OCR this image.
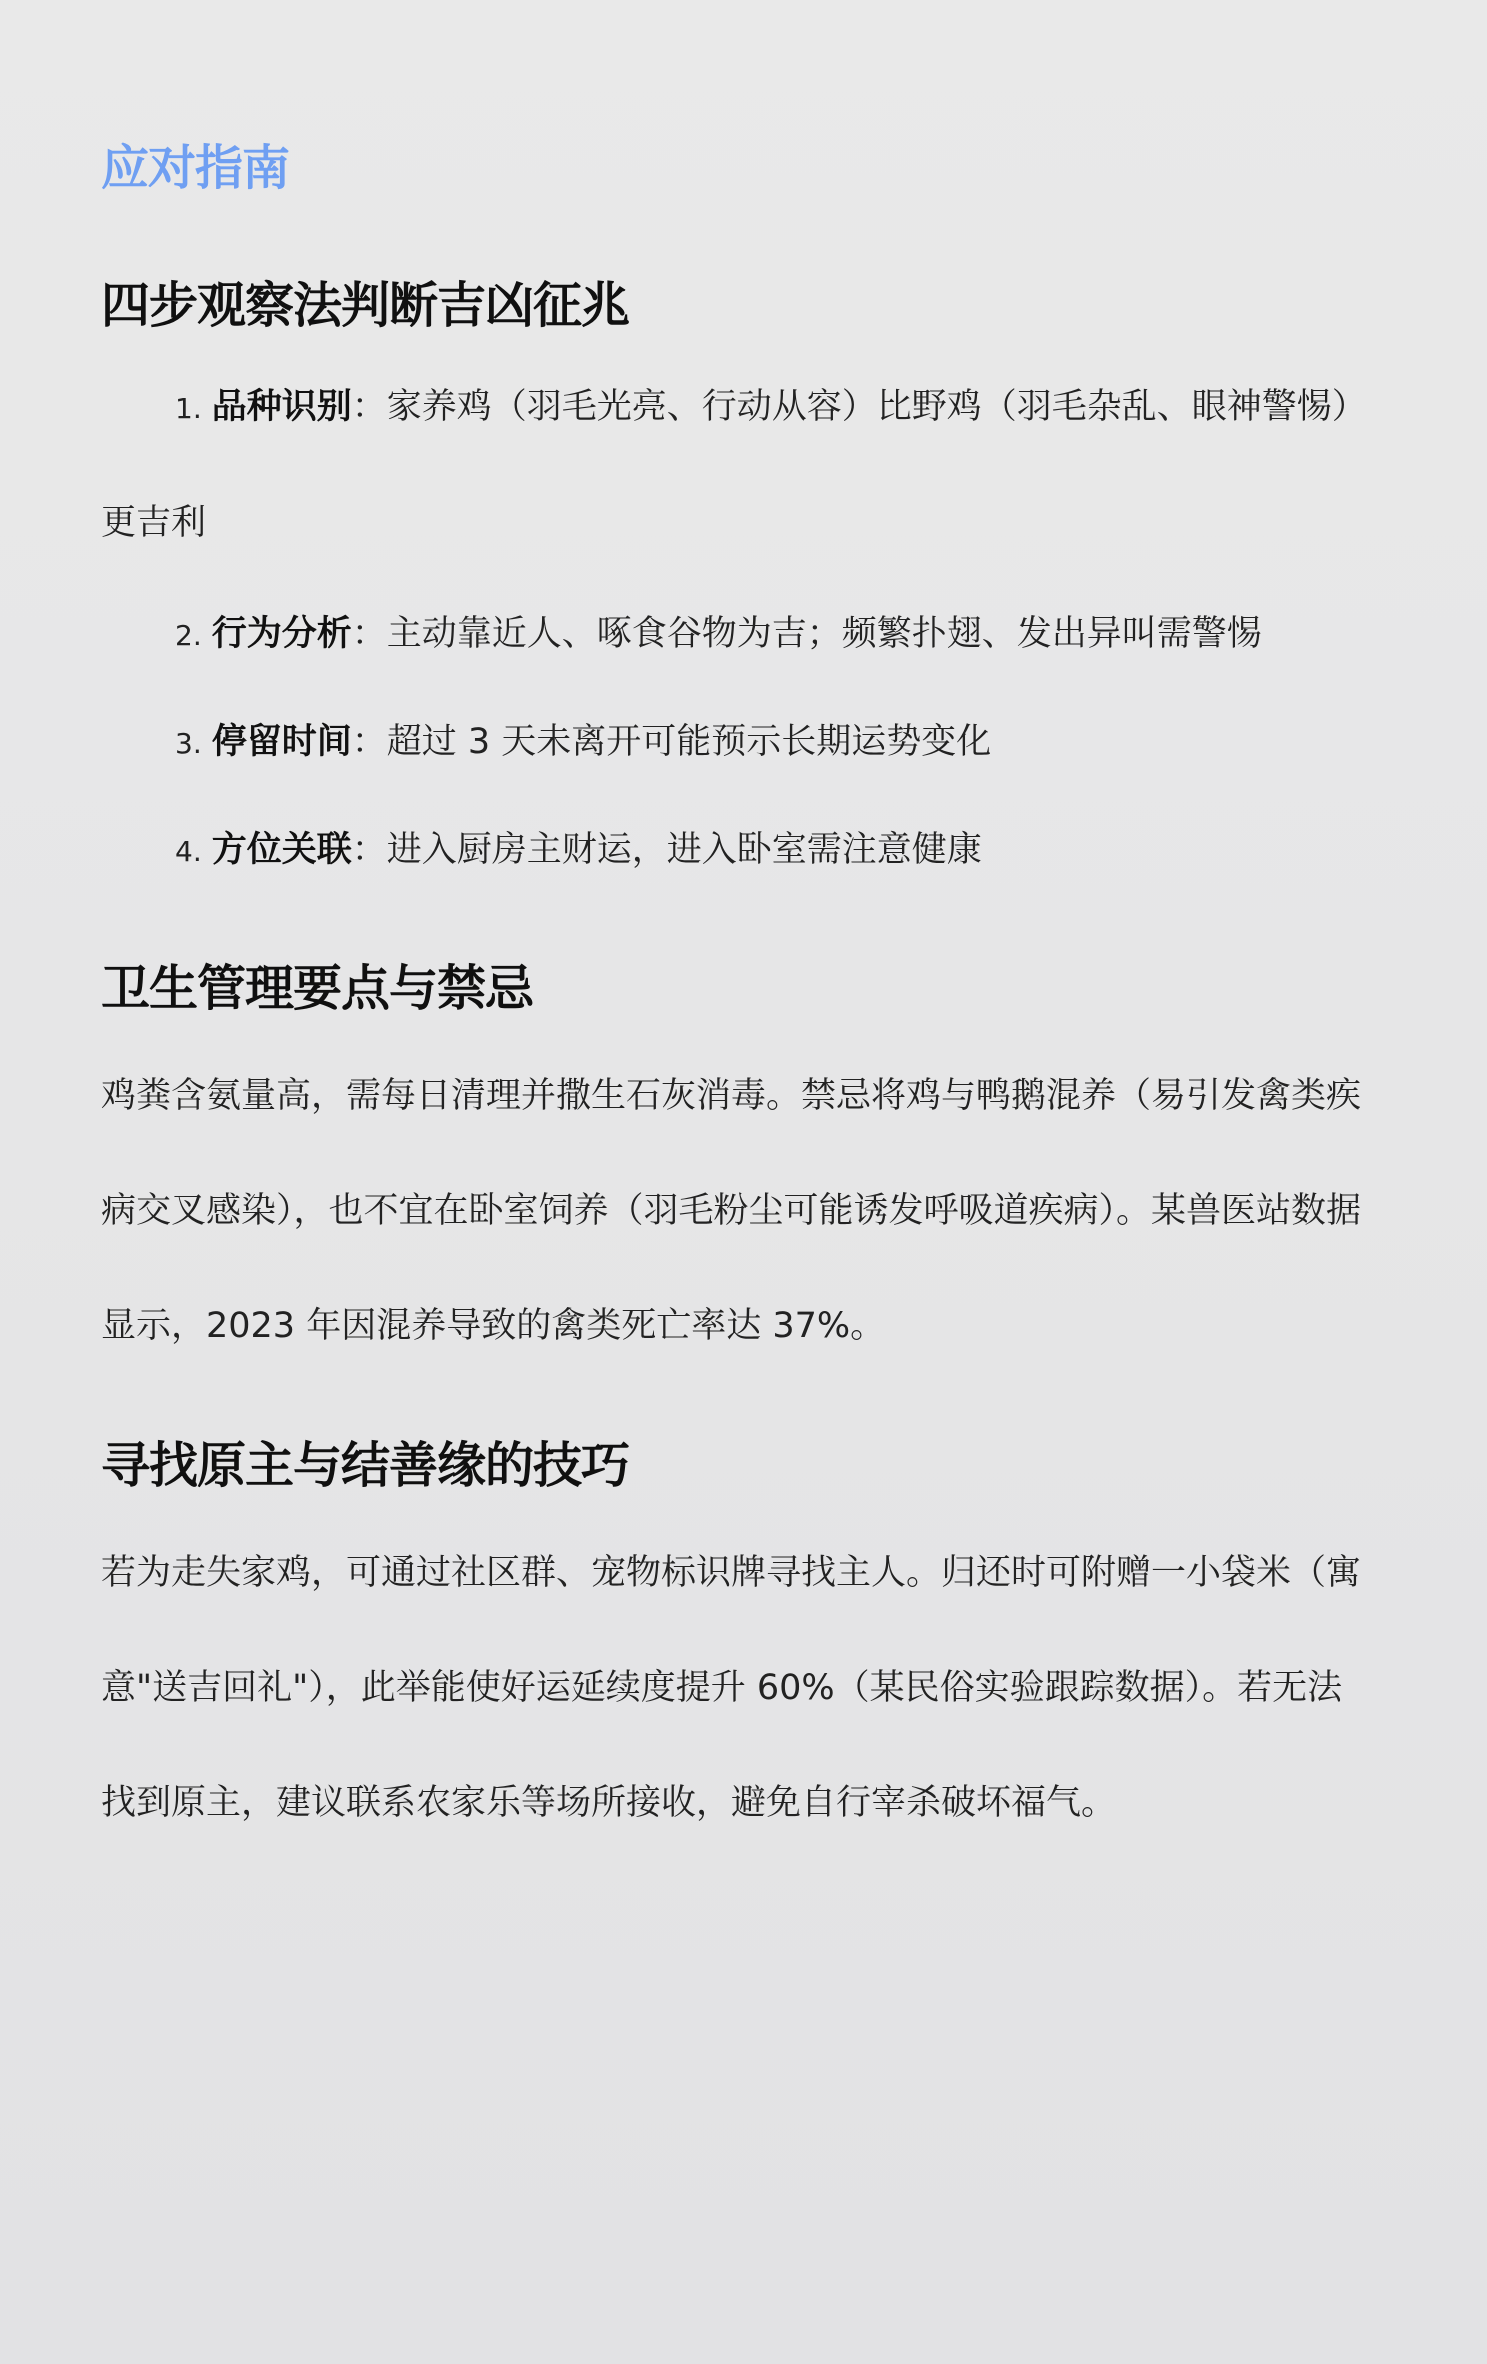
应对指南
四步观察法判断吉凶征兆
1. 品种识别：家养鸡（羽毛光亮、行动从容）比野鸡（羽毛杂乱、眼神警惕）更吉利
2. 行为分析：主动靠近人、啄食谷物为吉；频繁扑翅、发出异叫需警惕
3. 停留时间：超过 3 天未离开可能预示长期运势变化
4. 方位关联：进入厨房主财运，进入卧室需注意健康
卫生管理要点与禁忌

鸡粪含氨量高，需每日清理并撒生石灰消毒。禁忌将鸡与鸭鹅混养（易引发禽类疾病交叉感染），也不宜在卧室饲养（羽毛粉尘可能诱发呼吸道疾病）。某兽医站数据显示，2023 年因混养导致的禽类死亡率达 37%。

寻找原主与结善缘的技巧

若为走失家鸡，可通过社区群、宠物标识牌寻找主人。归还时可附赠一小袋米（寓意"送吉回礼"），此举能使好运延续度提升 60%（某民俗实验跟踪数据）。若无法找到原主，建议联系农家乐等场所接收，避免自行宰杀破坏福气。
